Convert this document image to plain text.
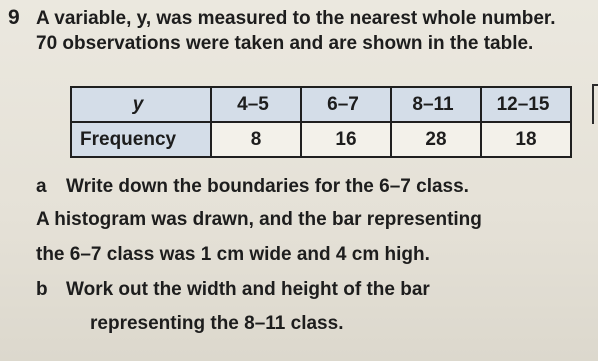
9 A variable, y, was measured to the nearest whole number.
70 observations were taken and are shown in the table.
y	4–5	6–7	8–11	12–15
Frequency	8	16	28	18
a Write down the boundaries for the 6–7 class.
A histogram was drawn, and the bar representing
the 6–7 class was 1 cm wide and 4 cm high.
b Work out the width and height of the bar
representing the 8–11 class.
